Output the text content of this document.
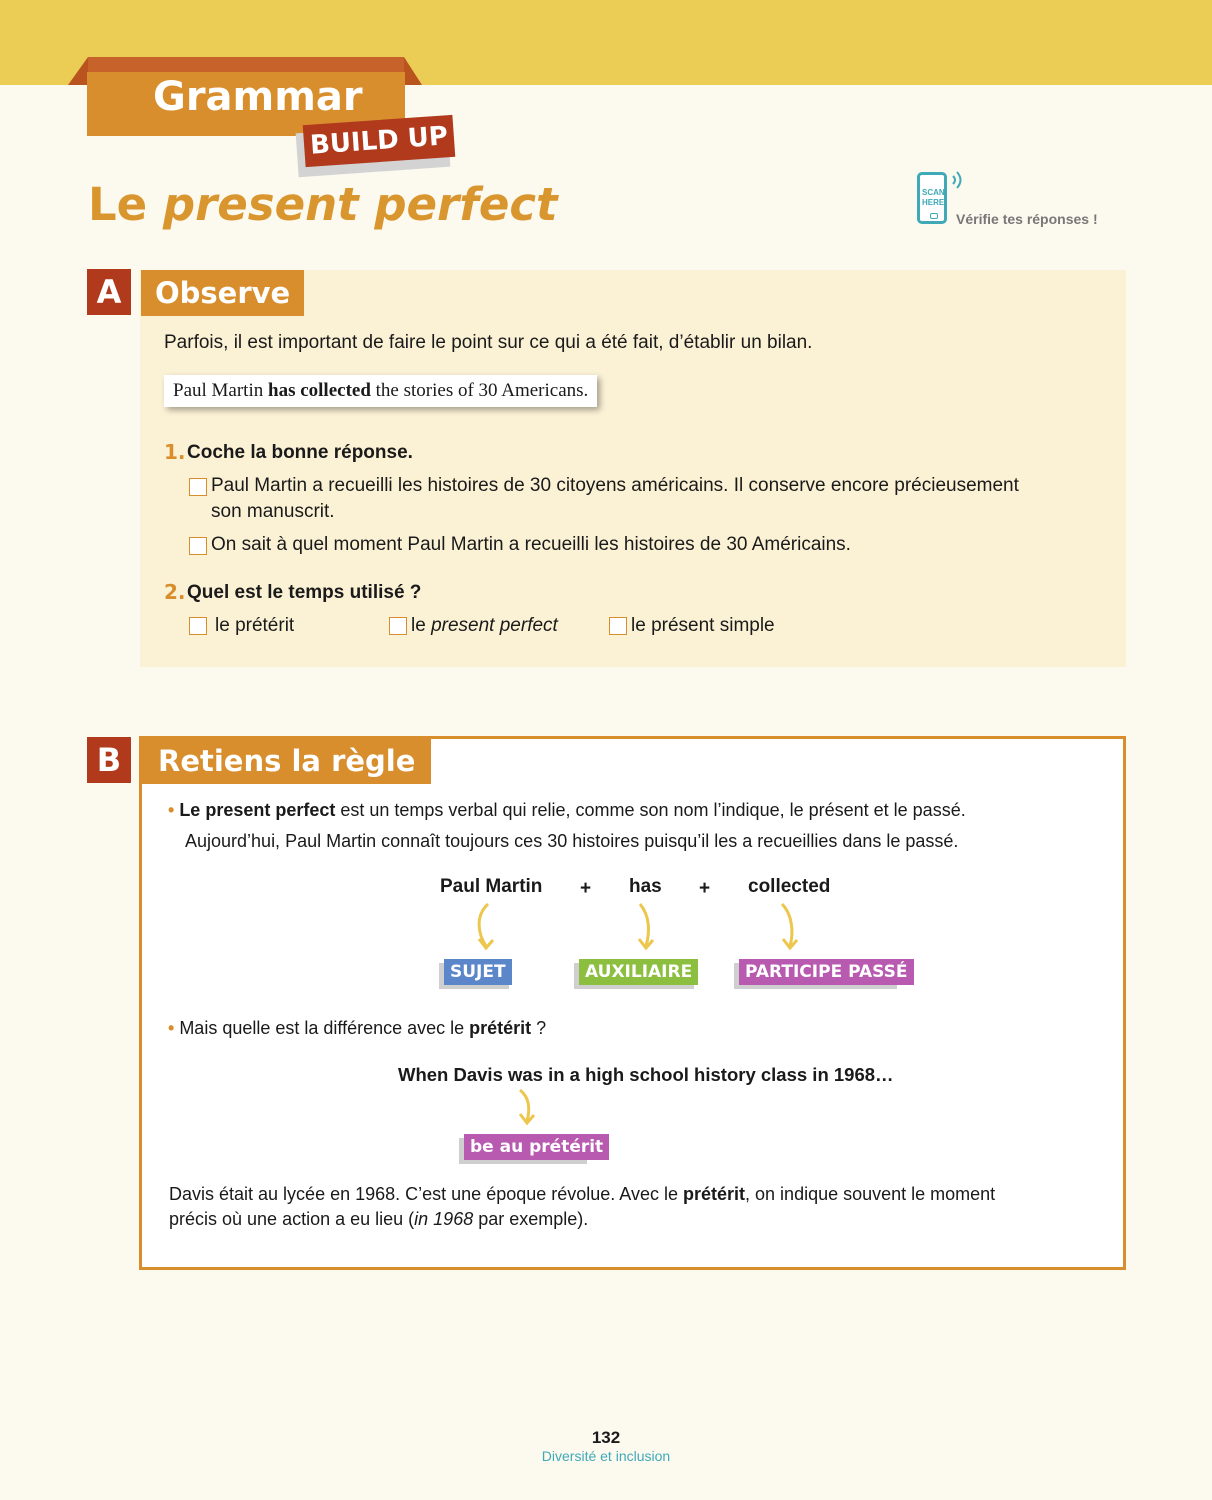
Grammar
BUILD UP
Le present perfect	SCAN HERE
Vérifie tes réponses !
A	Observe
Parfois, il est important de faire le point sur ce qui a été fait, d’établir un bilan.
Paul Martin has collected the stories of 30 Americans.
1. Coche la bonne réponse.
Paul Martin a recueilli les histoires de 30 citoyens américains. Il conserve encore précieusement
son manuscrit.
On sait à quel moment Paul Martin a recueilli les histoires de 30 Américains.
2. Quel est le temps utilisé ?
le prétérit	le present perfect	le présent simple
B	Retiens la règle
• Le present perfect est un temps verbal qui relie, comme son nom l’indique, le présent et le passé.
Aujourd’hui, Paul Martin connaît toujours ces 30 histoires puisqu’il les a recueillies dans le passé.
Paul Martin + has + collected
SUJET	AUXILIAIRE	PARTICIPE PASSÉ
• Mais quelle est la différence avec le prétérit ?
When Davis was in a high school history class in 1968…
be au prétérit
Davis était au lycée en 1968. C’est une époque révolue. Avec le prétérit, on indique souvent le moment
précis où une action a eu lieu (in 1968 par exemple).
132
Diversité et inclusion
